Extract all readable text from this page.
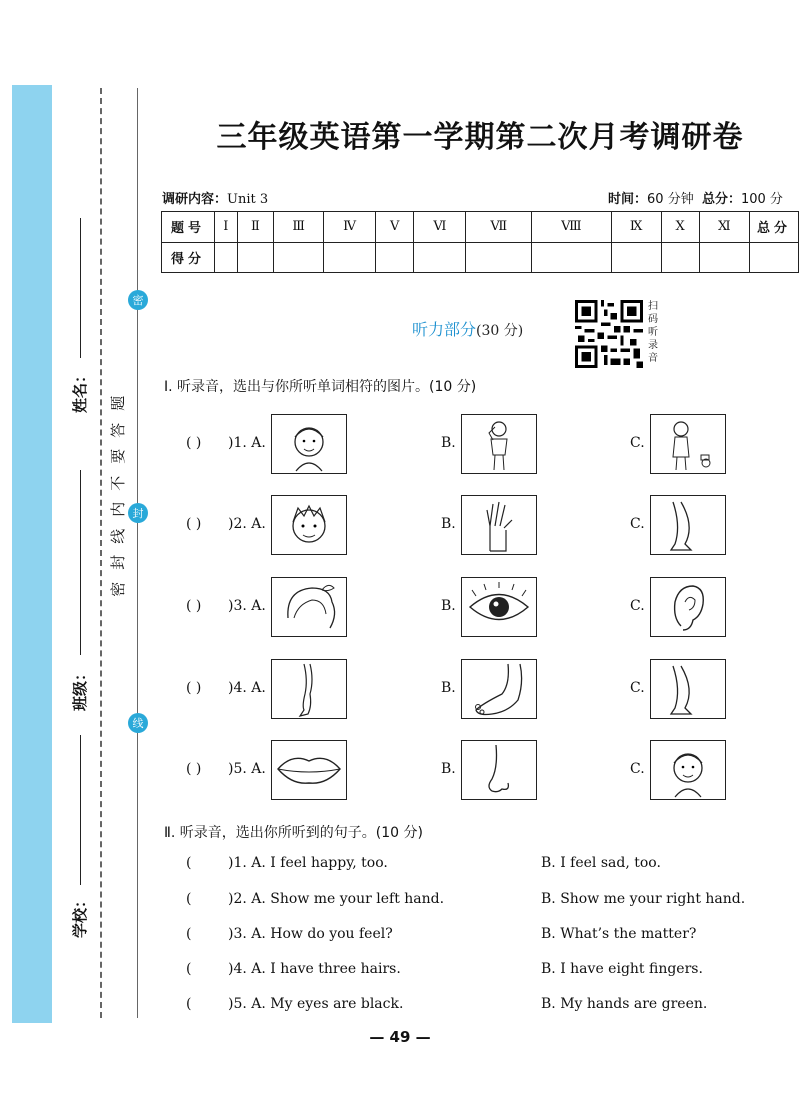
姓名：
班级：
学校：
密
封
线
题
答
要
不
内
线
封
密
三年级英语第一学期第二次月考调研卷
调研内容：Unit 3	时间：60 分钟 总分：100 分
题号	Ⅰ	Ⅱ	Ⅲ	Ⅳ	Ⅴ	Ⅵ	Ⅶ	Ⅷ	Ⅸ	Ⅹ	Ⅺ	总分
得分												
听力部分(30 分)
扫
码
听
录
音
Ⅰ. 听录音，选出与你所听单词相符的图片。(10 分)
( ) )1. A.	B.	C.
( ) )2. A.	B.	C.
( ) )3. A.	B.	C.
( ) )4. A.	B.	C.
( ) )5. A.	B.	C.
Ⅱ. 听录音，选出你所听到的句子。(10 分)
(	)1. A. I feel happy, too.	B. I feel sad, too.
(	)2. A. Show me your left hand.	B. Show me your right hand.
(	)3. A. How do you feel?	B. What’s the matter?
(	)4. A. I have three hairs.	B. I have eight fingers.
(	)5. A. My eyes are black.	B. My hands are green.
— 49 —
